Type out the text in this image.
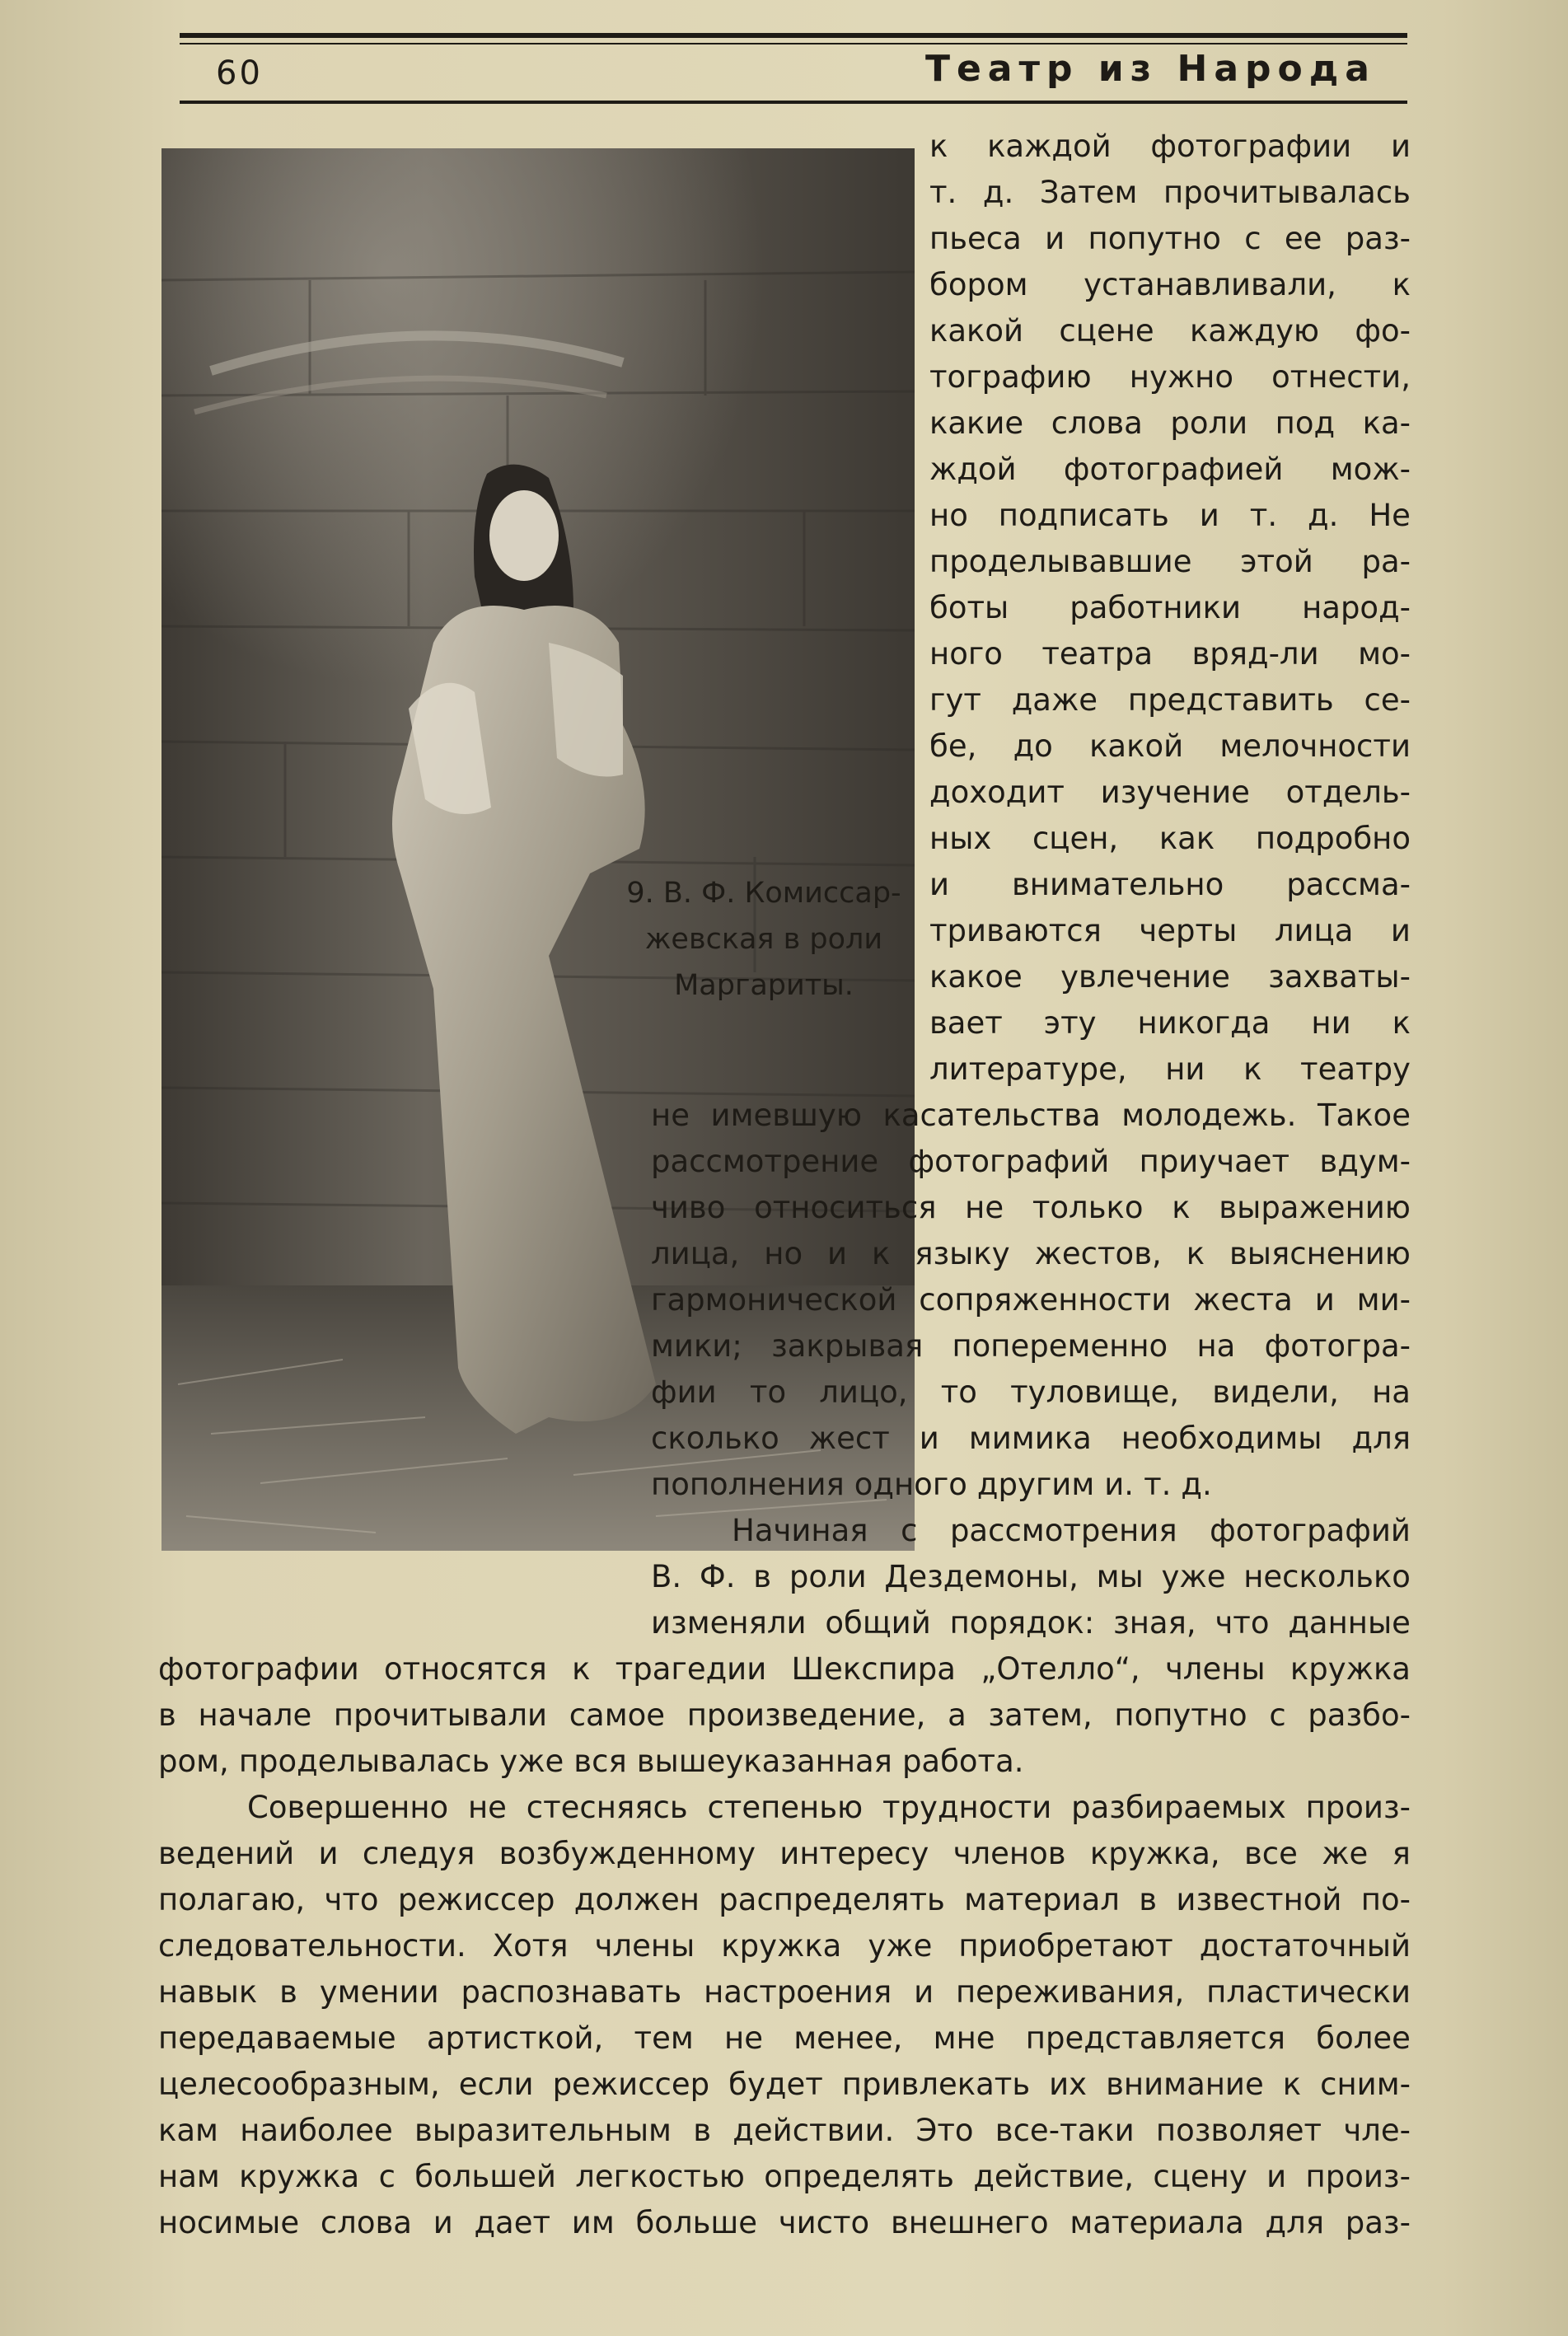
60	Театр из Народа
9. В. Ф. Комиссар-
жевская в роли
Маргариты.
к каждой фотографии и
т. д. Затем прочитывалась
пьеса и попутно с ее раз-
бором устанавливали, к
какой сцене каждую фо-
тографию нужно отнести,
какие слова роли под ка-
ждой фотографией мож-
но подписать и т. д. Не
проделывавшие этой ра-
боты работники народ-
ного театра вряд-ли мо-
гут даже представить се-
бе, до какой мелочности
доходит изучение отдель-
ных сцен, как подробно
и внимательно рассма-
триваются черты лица и
какое увлечение захваты-
вает эту никогда ни к
литературе, ни к театру
не имевшую касательства молодежь. Такое
рассмотрение фотографий приучает вдум-
чиво относиться не только к выражению
лица, но и к языку жестов, к выяснению
гармонической сопряженности жеста и ми-
мики; закрывая попеременно на фотогра-
фии то лицо, то туловище, видели, на
сколько жест и мимика необходимы для
пополнения одного другим и. т. д.
Начиная с рассмотрения фотографий
В. Ф. в роли Дездемоны, мы уже несколько
изменяли общий порядок: зная, что данные
фотографии относятся к трагедии Шекспира „Отелло“, члены кружка
в начале прочитывали самое произведение, а затем, попутно с разбо-
ром, проделывалась уже вся вышеуказанная работа.
Совершенно не стесняясь степенью трудности разбираемых произ-
ведений и следуя возбужденному интересу членов кружка, все же я
полагаю, что режиссер должен распределять материал в известной по-
следовательности. Хотя члены кружка уже приобретают достаточный
навык в умении распознавать настроения и переживания, пластически
передаваемые артисткой, тем не менее, мне представляется более
целесообразным, если режиссер будет привлекать их внимание к сним-
кам наиболее выразительным в действии. Это все-таки позволяет чле-
нам кружка с большей легкостью определять действие, сцену и произ-
носимые слова и дает им больше чисто внешнего материала для раз-
